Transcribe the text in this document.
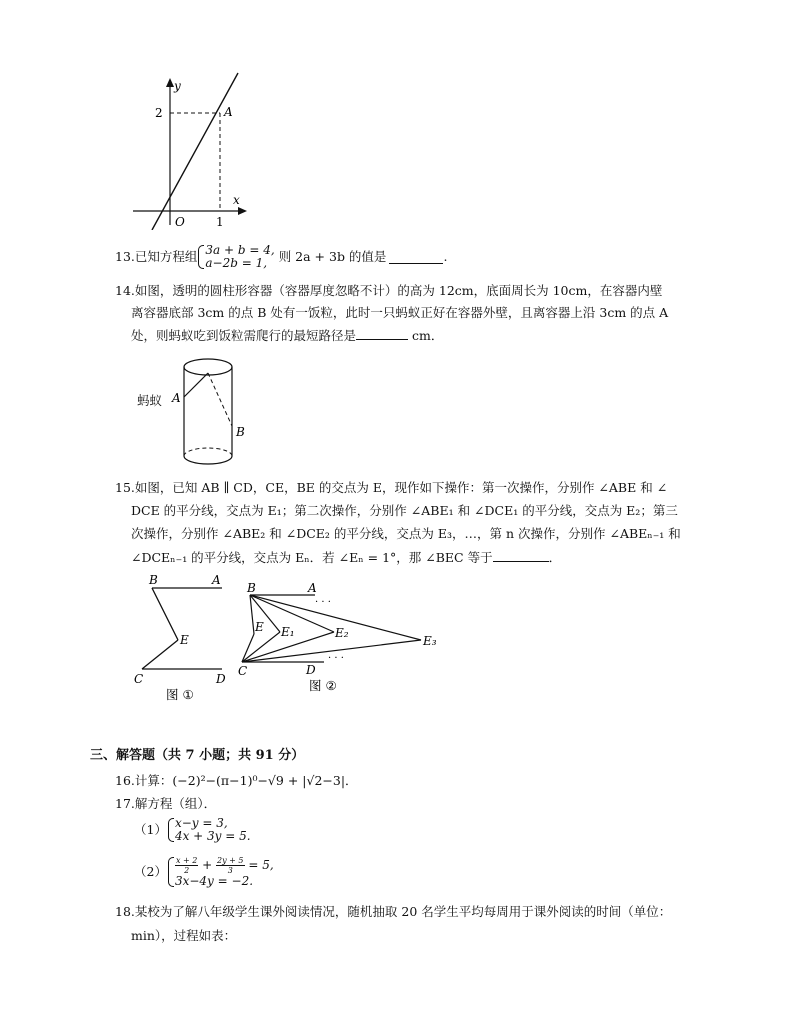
y
x
O
2
1
A
13. 已知方程组 3a + b = 4,
a−2b = 1, 则 2a + 3b 的值是	.
14.如图，透明的圆柱形容器（容器厚度忽略不计）的高为 12cm，底面周长为 10cm，在容器内壁
离容器底部 3cm 的点 B 处有一饭粒，此时一只蚂蚁正好在容器外壁，且离容器上沿 3cm 的点 A
处，则蚂蚁吃到饭粒需爬行的最短路径是	cm．
蚂蚁 A
B
15.如图，已知 AB ∥ CD，CE，BE 的交点为 E，现作如下操作：第一次操作，分别作 ∠ABE 和 ∠
DCE 的平分线，交点为 E₁；第二次操作，分别作 ∠ABE₁ 和 ∠DCE₁ 的平分线，交点为 E₂；第三
次操作，分别作 ∠ABE₂ 和 ∠DCE₂ 的平分线，交点为 E₃，…，第 n 次操作，分别作 ∠ABEₙ₋₁ 和
∠DCEₙ₋₁ 的平分线，交点为 Eₙ．若 ∠Eₙ = 1°，那 ∠BEC 等于	．
B	A
E
C	D
图 ①
B	A
· · ·
E E₁	E₂
E₃
· · ·
C	D
图 ②
三、解答题（共 7 小题；共 91 分）
16.计算：(−2)²−(π−1)⁰−√9 + |√2−3|．
17.解方程（组）．
（1） x−y = 3,
4x + 3y = 5.
$(2) \frac{x + 2}{2} + \frac{2y + 5}{3} = 5$,
3x−4y = −2.
18.某校为了解八年级学生课外阅读情况，随机抽取 20 名学生平均每周用于课外阅读的时间（单位：
min），过程如表：
